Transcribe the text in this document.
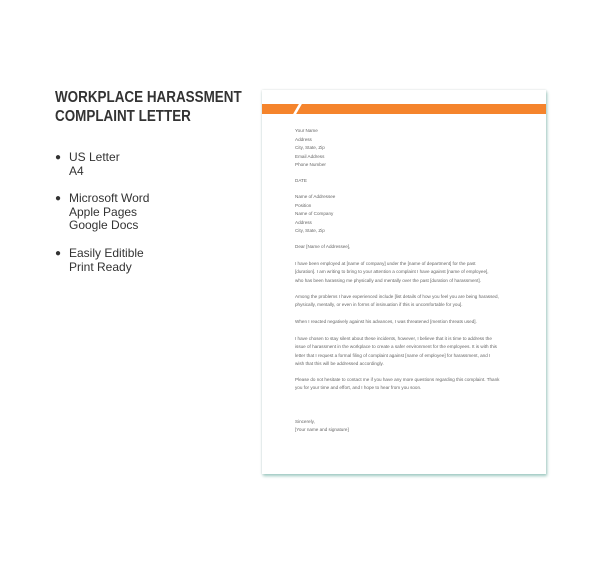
WORKPLACE HARASSMENT
COMPLAINT LETTER
● US Letter
A4
● Microsoft Word
Apple Pages
Google Docs
● Easily Editible
Print Ready
Your Name
Address
City, State, Zip
Email Address
Phone Number
DATE
Name of Addressee
Position
Name of Company
Address
City, State, Zip
Dear [Name of Addressee],
I have been employed at [name of company] under the [name of department] for the past
[duration]. I am writing to bring to your attention a complaint I have against [name of employee],
who has been harassing me physically and mentally over the past [duration of harassment].
Among the problems I have experienced include [list details of how you feel you are being harassed,
physically, mentally, or even in forms of insinuation if this is uncomfortable for you].
When I reacted negatively against his advances, I was threatened [mention threats used].
I have chosen to stay silent about these incidents, however, I believe that it is time to address the
issue of harassment in the workplace to create a safer environment for the employees. It is with this
letter that I request a formal filing of complaint against [name of employee] for harassment, and I
wish that this will be addressed accordingly.
Please do not hesitate to contact me if you have any more questions regarding this complaint. Thank
you for your time and effort, and I hope to hear from you soon.
Sincerely,
[Your name and signature]
